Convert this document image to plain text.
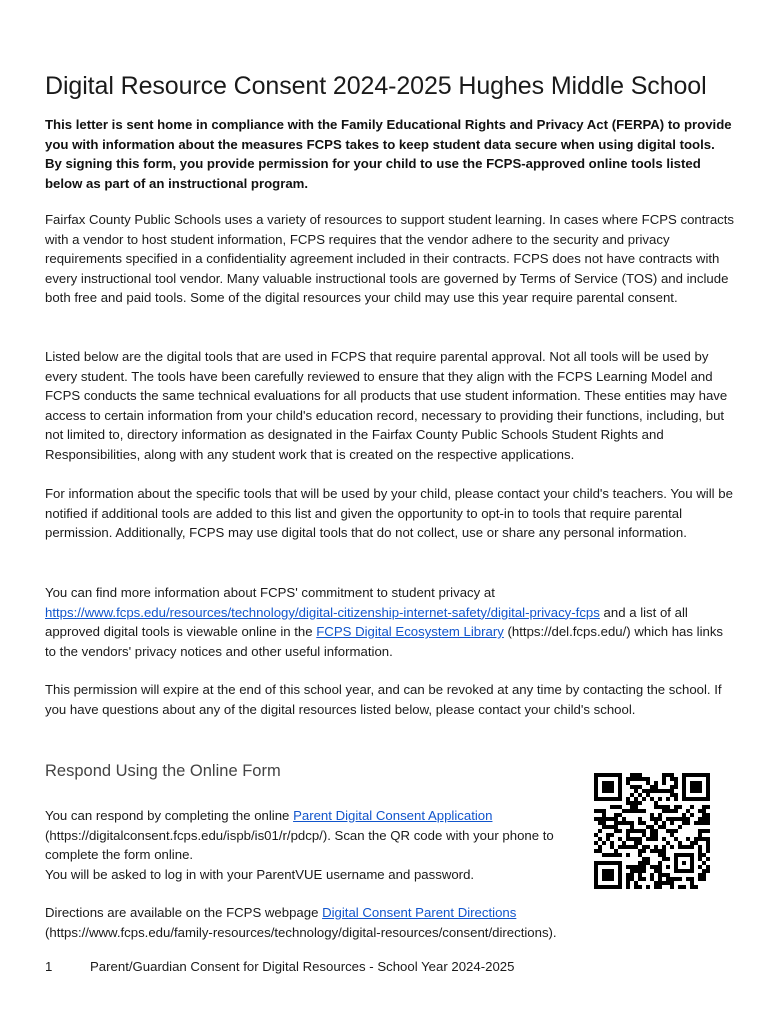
Digital Resource Consent 2024-2025 Hughes Middle School

This letter is sent home in compliance with the Family Educational Rights and Privacy Act (FERPA) to provide you with information about the measures FCPS takes to keep student data secure when using digital tools. By signing this form, you provide permission for your child to use the FCPS-approved online tools listed below as part of an instructional program.

Fairfax County Public Schools uses a variety of resources to support student learning. In cases where FCPS contracts with a vendor to host student information, FCPS requires that the vendor adhere to the security and privacy requirements specified in a confidentiality agreement included in their contracts. FCPS does not have contracts with every instructional tool vendor. Many valuable instructional tools are governed by Terms of Service (TOS) and include both free and paid tools. Some of the digital resources your child may use this year require parental consent.

Listed below are the digital tools that are used in FCPS that require parental approval. Not all tools will be used by every student. The tools have been carefully reviewed to ensure that they align with the FCPS Learning Model and FCPS conducts the same technical evaluations for all products that use student information. These entities may have access to certain information from your child's education record, necessary to providing their functions, including, but not limited to, directory information as designated in the Fairfax County Public Schools Student Rights and Responsibilities, along with any student work that is created on the respective applications.

For information about the specific tools that will be used by your child, please contact your child's teachers. You will be notified if additional tools are added to this list and given the opportunity to opt-in to tools that require parental permission. Additionally, FCPS may use digital tools that do not collect, use or share any personal information.

You can find more information about FCPS' commitment to student privacy at https://www.fcps.edu/resources/technology/digital-citizenship-internet-safety/digital-privacy-fcps and a list of all approved digital tools is viewable online in the FCPS Digital Ecosystem Library (https://del.fcps.edu/) which has links to the vendors' privacy notices and other useful information.

This permission will expire at the end of this school year, and can be revoked at any time by contacting the school. If you have questions about any of the digital resources listed below, please contact your child's school.

Respond Using the Online Form
You can respond by completing the online Parent Digital Consent Application (https://digitalconsent.fcps.edu/ispb/is01/r/pdcp/). Scan the QR code with your phone to complete the form online.
You will be asked to log in with your ParentVUE username and password.

Directions are available on the FCPS webpage Digital Consent Parent Directions (https://www.fcps.edu/family-resources/technology/digital-resources/consent/directions).

1	Parent/Guardian Consent for Digital Resources - School Year 2024-2025
